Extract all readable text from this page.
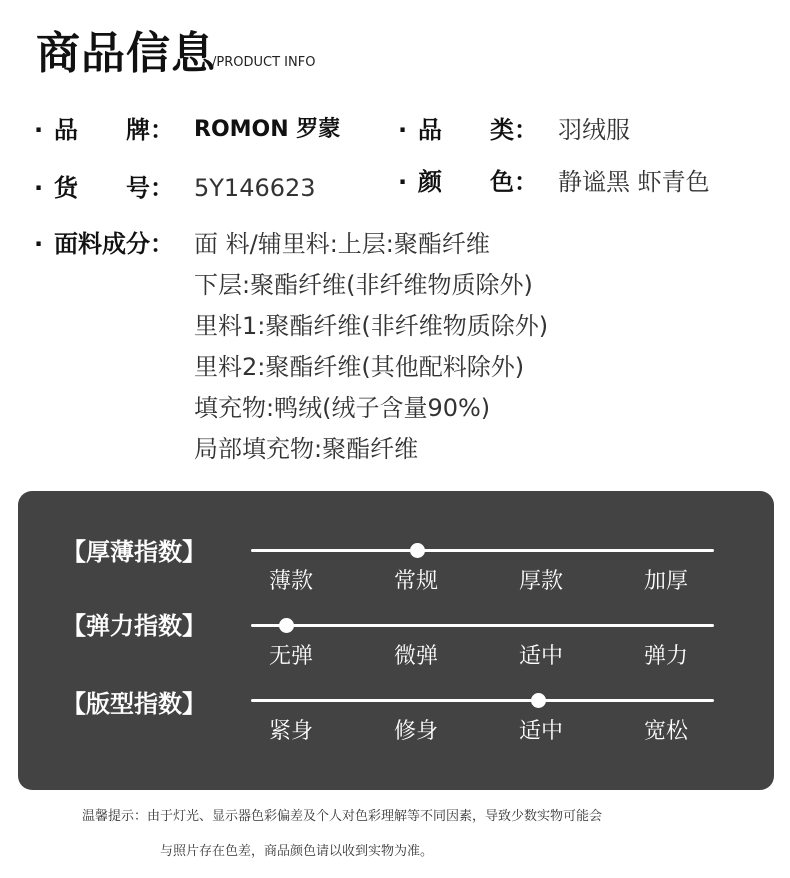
商品信息
/PRODUCT INFO
· 品　　牌： ROMON 罗蒙 · 品　　类： 羽绒服
· 货　　号： 5Y146623	· 颜　　色： 静谧黑 虾青色
· 面料成分： 面 料/辅里料:上层:聚酯纤维
下层:聚酯纤维(非纤维物质除外)
里料1:聚酯纤维(非纤维物质除外)
里料2:聚酯纤维(其他配料除外)
填充物:鸭绒(绒子含量90%)
局部填充物:聚酯纤维
【厚薄指数】
薄款	常规	厚款	加厚
【弹力指数】
无弹	微弹	适中	弹力
【版型指数】
紧身	修身	适中	宽松
温馨提示：由于灯光、显示器色彩偏差及个人对色彩理解等不同因素，导致少数实物可能会
与照片存在色差，商品颜色请以收到实物为准。
